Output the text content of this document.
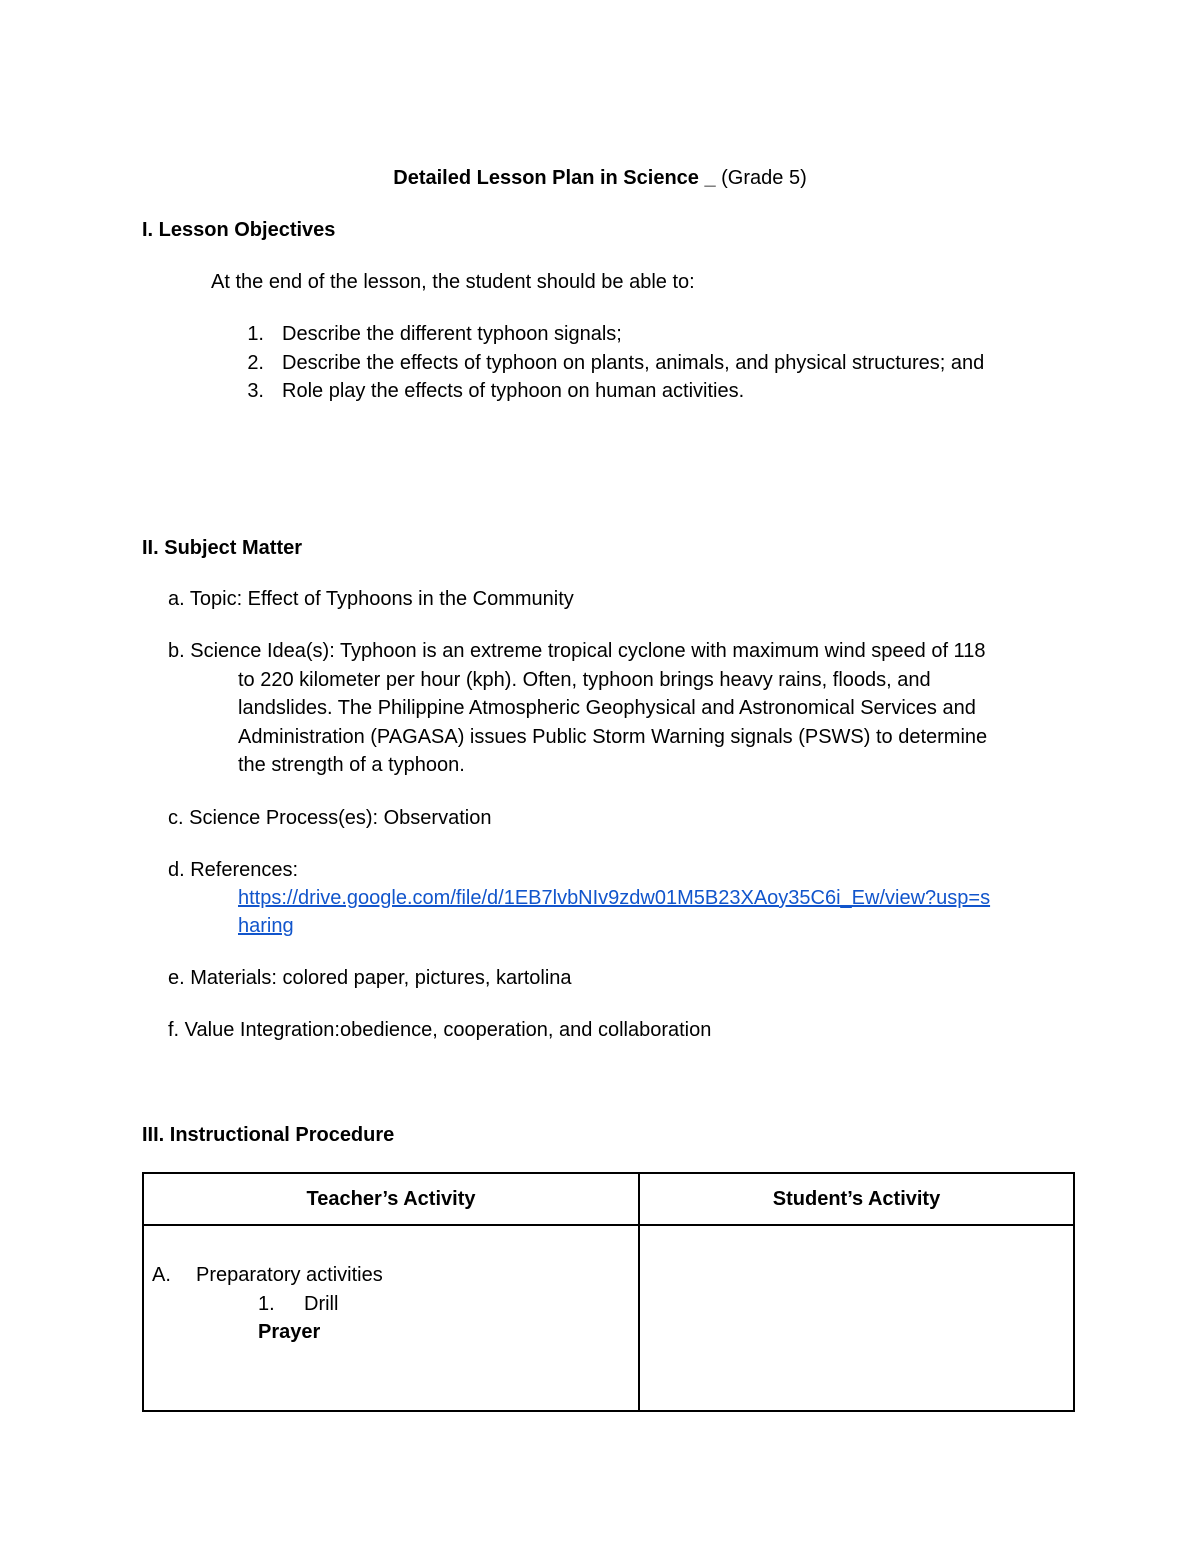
Detailed Lesson Plan in Science _ (Grade 5)
I. Lesson Objectives
At the end of the lesson, the student should be able to:
1. Describe the different typhoon signals;
2. Describe the effects of typhoon on plants, animals, and physical structures; and
3. Role play the effects of typhoon on human activities.
II. Subject Matter
a. Topic: Effect of Typhoons in the Community
b. Science Idea(s): Typhoon is an extreme tropical cyclone with maximum wind speed of 118
to 220 kilometer per hour (kph). Often, typhoon brings heavy rains, floods, and
landslides. The Philippine Atmospheric Geophysical and Astronomical Services and
Administration (PAGASA) issues Public Storm Warning signals (PSWS) to determine
the strength of a typhoon.
c. Science Process(es): Observation
d. References:
https://drive.google.com/file/d/1EB7lvbNIv9zdw01M5B23XAoy35C6i_Ew/view?usp=s
haring
e. Materials: colored paper, pictures, kartolina
f. Value Integration:obedience, cooperation, and collaboration
III. Instructional Procedure
Teacher’s Activity	Student’s Activity

A. Preparatory activities
1. Drill
Prayer	
